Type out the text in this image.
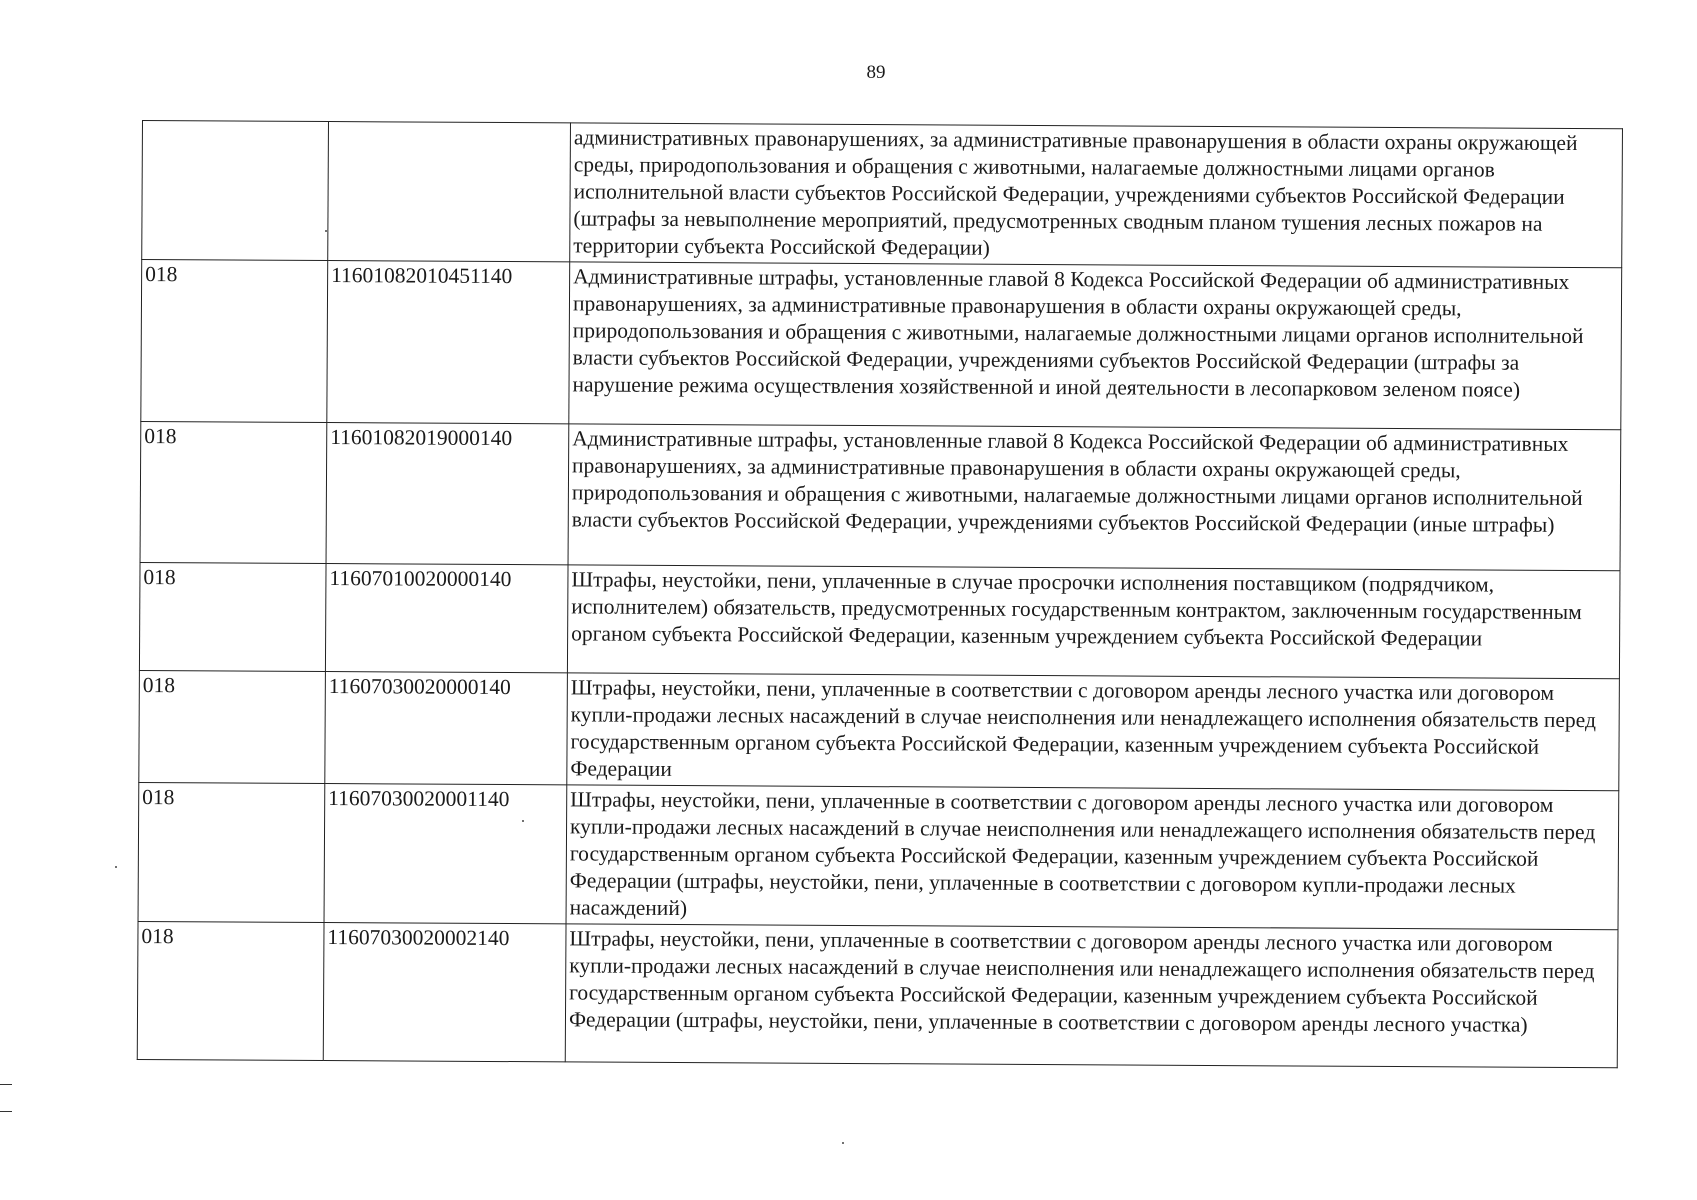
89
		административных правонарушениях, за административные правонарушения в области охраны окружающей среды, природопользования и обращения с животными, налагаемые должностными лицами органов исполнительной власти субъектов Российской Федерации, учреждениями субъектов Российской Федерации (штрафы за невыполнение мероприятий, предусмотренных сводным планом тушения лесных пожаров на территории субъекта Российской Федерации)
018	11601082010451140	Административные штрафы, установленные главой 8 Кодекса Российской Федерации об административных правонарушениях, за административные правонарушения в области охраны окружающей среды, природопользования и обращения с животными, налагаемые должностными лицами органов исполнительной власти субъектов Российской Федерации, учреждениями субъектов Российской Федерации (штрафы за нарушение режима осуществления хозяйственной и иной деятельности в лесопарковом зеленом поясе)
018	11601082019000140	Административные штрафы, установленные главой 8 Кодекса Российской Федерации об административных правонарушениях, за административные правонарушения в области охраны окружающей среды, природопользования и обращения с животными, налагаемые должностными лицами органов исполнительной власти субъектов Российской Федерации, учреждениями субъектов Российской Федерации (иные штрафы)
018	11607010020000140	Штрафы, неустойки, пени, уплаченные в случае просрочки исполнения поставщиком (подрядчиком, исполнителем) обязательств, предусмотренных государственным контрактом, заключенным государственным органом субъекта Российской Федерации, казенным учреждением субъекта Российской Федерации
018	11607030020000140	Штрафы, неустойки, пени, уплаченные в соответствии с договором аренды лесного участка или договором купли-продажи лесных насаждений в случае неисполнения или ненадлежащего исполнения обязательств перед государственным органом субъекта Российской Федерации, казенным учреждением субъекта Российской Федерации
018	11607030020001140	Штрафы, неустойки, пени, уплаченные в соответствии с договором аренды лесного участка или договором купли-продажи лесных насаждений в случае неисполнения или ненадлежащего исполнения обязательств перед государственным органом субъекта Российской Федерации, казенным учреждением субъекта Российской Федерации (штрафы, неустойки, пени, уплаченные в соответствии с договором купли-продажи лесных насаждений)
018	11607030020002140	Штрафы, неустойки, пени, уплаченные в соответствии с договором аренды лесного участка или договором купли-продажи лесных насаждений в случае неисполнения или ненадлежащего исполнения обязательств перед государственным органом субъекта Российской Федерации, казенным учреждением субъекта Российской Федерации (штрафы, неустойки, пени, уплаченные в соответствии с договором аренды лесного участка)
